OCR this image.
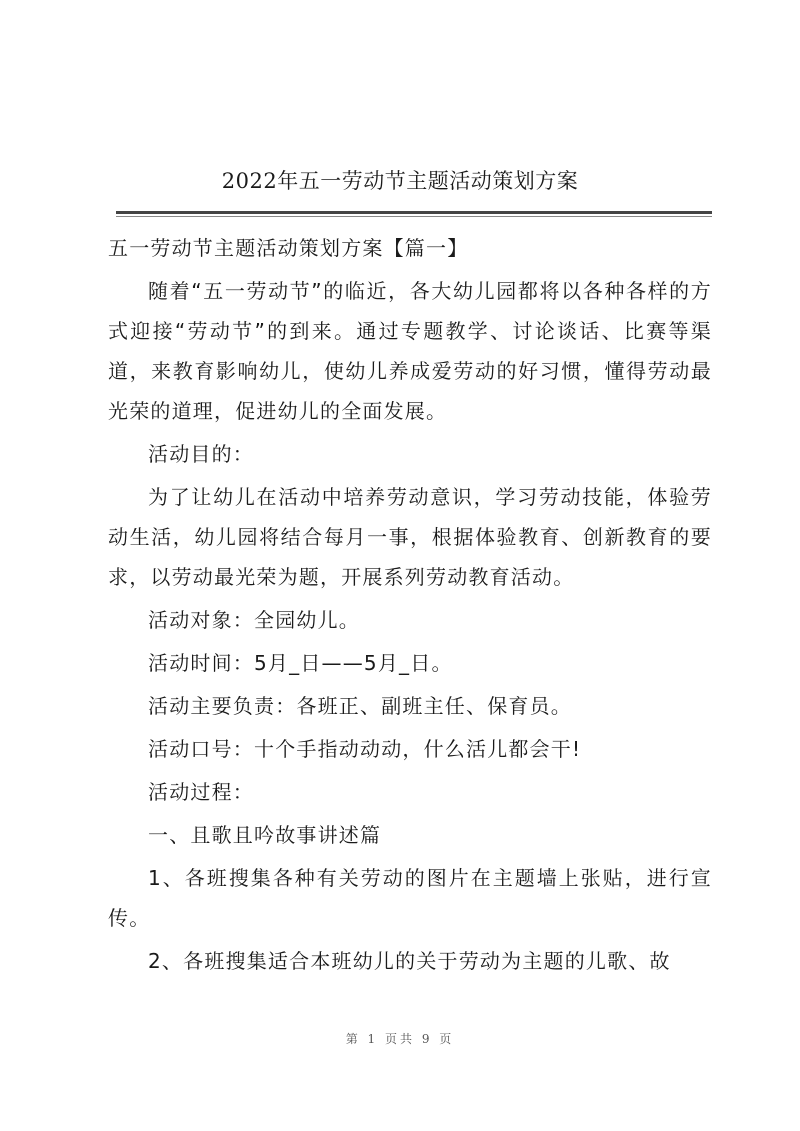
2022年五一劳动节主题活动策划方案

五一劳动节主题活动策划方案【篇一】

随着“五一劳动节”的临近，各大幼儿园都将以各种各样的方式迎接“劳动节”的到来。通过专题教学、讨论谈话、比赛等渠道，来教育影响幼儿，使幼儿养成爱劳动的好习惯，懂得劳动最光荣的道理，促进幼儿的全面发展。

活动目的：

为了让幼儿在活动中培养劳动意识，学习劳动技能，体验劳动生活，幼儿园将结合每月一事，根据体验教育、创新教育的要求，以劳动最光荣为题，开展系列劳动教育活动。

活动对象：全园幼儿。

活动时间：5月_日——5月_日。

活动主要负责：各班正、副班主任、保育员。

活动口号：十个手指动动动，什么活儿都会干!

活动过程：

一、且歌且吟故事讲述篇

1、各班搜集各种有关劳动的图片在主题墙上张贴，进行宣传。

2、各班搜集适合本班幼儿的关于劳动为主题的儿歌、故

第 1 页共 9 页
